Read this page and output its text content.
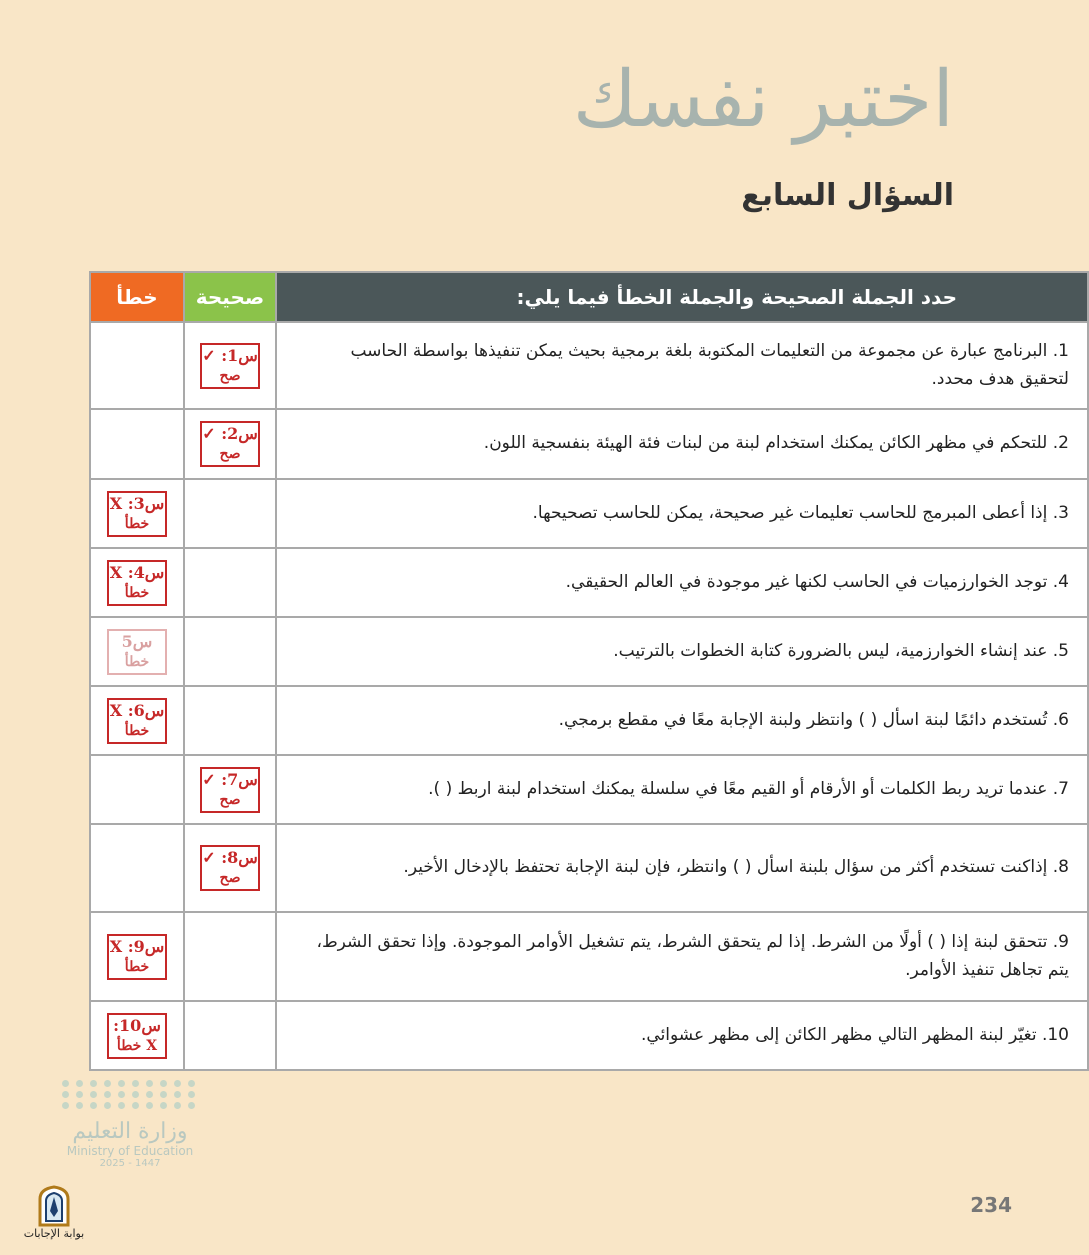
اختبر نفسك
السؤال السابع
حدد الجملة الصحيحة والجملة الخطأ فيما يلي:	صحيحة	خطأ
1. البرنامج عبارة عن مجموعة من التعليمات المكتوبة بلغة برمجية بحيث يمكن تنفيذها بواسطة الحاسب لتحقيق هدف محدد.	س1: ✓
صح	

2. للتحكم في مظهر الكائن يمكنك استخدام لبنة من لبنات فئة الهيئة بنفسجية اللون.	س2: ✓
صح	

3. إذا أعطى المبرمج للحاسب تعليمات غير صحيحة، يمكن للحاسب تصحيحها.		س3: X
خطأ

4. توجد الخوارزميات في الحاسب لكنها غير موجودة في العالم الحقيقي.		س4: X
خطأ

5. عند إنشاء الخوارزمية، ليس بالضرورة كتابة الخطوات بالترتيب.		س5
خطأ

6. تُستخدم دائمًا لبنة اسأل ( ) وانتظر ولبنة الإجابة معًا في مقطع برمجي.		س6: X
خطأ

7. عندما تريد ربط الكلمات أو الأرقام أو القيم معًا في سلسلة يمكنك استخدام لبنة اربط ( ).	س7: ✓
صح	

8. إذاكنت تستخدم أكثر من سؤال بلبنة اسأل ( ) وانتظر، فإن لبنة الإجابة تحتفظ بالإدخال الأخير.	س8: ✓
صح	

9. تتحقق لبنة إذا ( ) أولًا من الشرط. إذا لم يتحقق الشرط، يتم تشغيل الأوامر الموجودة. وإذا تحقق الشرط، يتم تجاهل تنفيذ الأوامر.		س9: X
خطأ

10. تغيّر لبنة المظهر التالي مظهر الكائن إلى مظهر عشوائي.		س10:
X خطأ
وزارة التعليم
Ministry of Education
2025 - 1447
بوابة الإجابات
234
